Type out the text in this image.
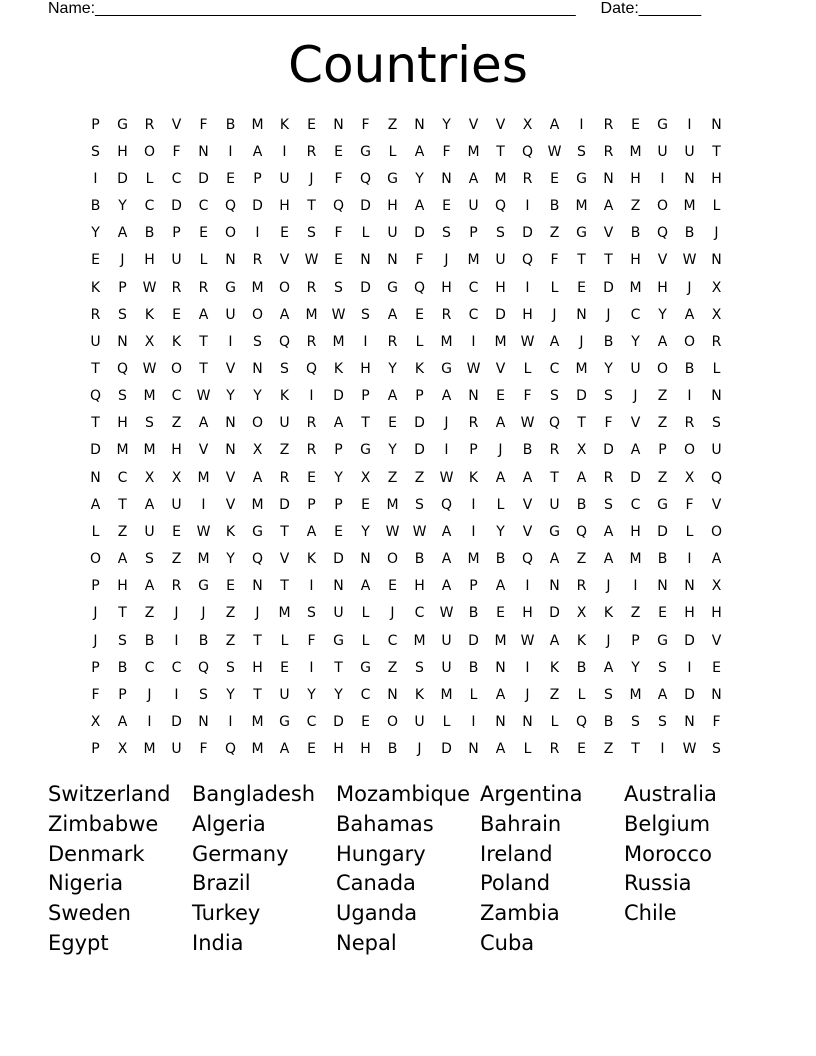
Name:______________________________________________________ Date:_______
Countries
P	G	R	V	F	B	M	K	E	N	F	Z	N	Y	V	V	X	A	I	R	E	G	I	N
S	H	O	F	N	I	A	I	R	E	G	L	A	F	M	T	Q	W	S	R	M	U	U	T
I	D	L	C	D	E	P	U	J	F	Q	G	Y	N	A	M	R	E	G	N	H	I	N	H
B	Y	C	D	C	Q	D	H	T	Q	D	H	A	E	U	Q	I	B	M	A	Z	O	M	L
Y	A	B	P	E	O	I	E	S	F	L	U	D	S	P	S	D	Z	G	V	B	Q	B	J
E	J	H	U	L	N	R	V	W	E	N	N	F	J	M	U	Q	F	T	T	H	V	W	N
K	P	W	R	R	G	M	O	R	S	D	G	Q	H	C	H	I	L	E	D	M	H	J	X
R	S	K	E	A	U	O	A	M	W	S	A	E	R	C	D	H	J	N	J	C	Y	A	X
U	N	X	K	T	I	S	Q	R	M	I	R	L	M	I	M	W	A	J	B	Y	A	O	R
T	Q	W	O	T	V	N	S	Q	K	H	Y	K	G	W	V	L	C	M	Y	U	O	B	L
Q	S	M	C	W	Y	Y	K	I	D	P	A	P	A	N	E	F	S	D	S	J	Z	I	N
T	H	S	Z	A	N	O	U	R	A	T	E	D	J	R	A	W	Q	T	F	V	Z	R	S
D	M	M	H	V	N	X	Z	R	P	G	Y	D	I	P	J	B	R	X	D	A	P	O	U
N	C	X	X	M	V	A	R	E	Y	X	Z	Z	W	K	A	A	T	A	R	D	Z	X	Q
A	T	A	U	I	V	M	D	P	P	E	M	S	Q	I	L	V	U	B	S	C	G	F	V
L	Z	U	E	W	K	G	T	A	E	Y	W W	A	I	Y	V	G	Q	A	H	D	L	O
O	A	S	Z	M	Y	Q	V	K	D	N	O	B	A	M	B	Q	A	Z	A	M	B	I	A
P	H	A	R	G	E	N	T	I	N	A	E	H	A	P	A	I	N	R	J	I	N	N	X
J	T	Z	J	J	Z	J	M	S	U	L	J	C	W	B	E	H	D	X	K	Z	E	H	H
J	S	B	I	B	Z	T	L	F	G	L	C	M	U	D	M	W	A	K	J	P	G	D	V
P	B	C	C	Q	S	H	E	I	T	G	Z	S	U	B	N	I	K	B	A	Y	S	I	E
F	P	J	I	S	Y	T	U	Y	Y	C	N	K	M	L	A	J	Z	L	S	M	A	D	N
X	A	I	D	N	I	M	G	C	D	E	O	U	L	I	N	N	L	Q	B	S	S	N	F
P	X	M	U	F	Q	M	A	E	H	H	B	J	D	N	A	L	R	E	Z	T	I	W	S
Switzerland	Bangladesh Mozambique Argentina	Australia
Zimbabwe	Algeria	Bahamas	Bahrain	Belgium
Denmark	Germany	Hungary	Ireland	Morocco
Nigeria	Brazil	Canada	Poland	Russia
Sweden	Turkey	Uganda	Zambia	Chile
Egypt	India	Nepal	Cuba
